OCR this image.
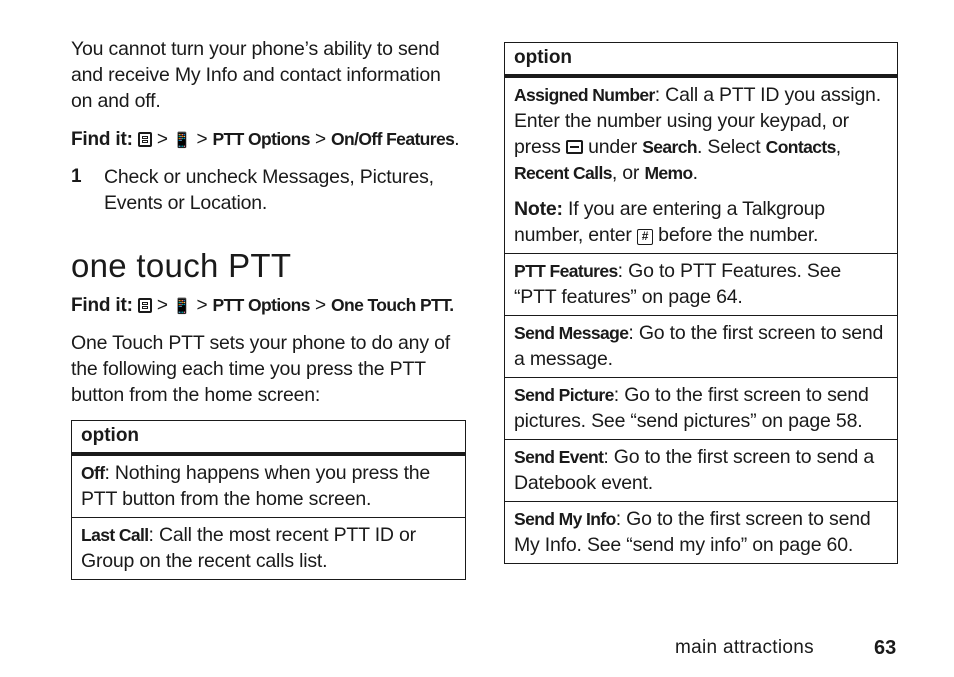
You cannot turn your phone’s ability to send and receive My Info and contact information on and off.

Find it: > 📱 > PTT Options > On/Off Features.

1	Check or uncheck Messages, Pictures, Events or Location.
one touch PTT

Find it: > 📱 > PTT Options > One Touch PTT.

One Touch PTT sets your phone to do any of the following each time you press the PTT button from the home screen:

option
Off: Nothing happens when you press the PTT button from the home screen.
Last Call: Call the most recent PTT ID or Group on the recent calls list.
option

Assigned Number: Call a PTT ID you assign. Enter the number using your keypad, or press  under Search. Select Contacts, Recent Calls, or Memo.
Note: If you are entering a Talkgroup number, enter # before the number.

PTT Features: Go to PTT Features. See “PTT features” on page 64.
Send Message: Go to the first screen to send a message.
Send Picture: Go to the first screen to send pictures. See “send pictures” on page 58.
Send Event: Go to the first screen to send a Datebook event.
Send My Info: Go to the first screen to send My Info. See “send my info” on page 60.
main attractions	63
